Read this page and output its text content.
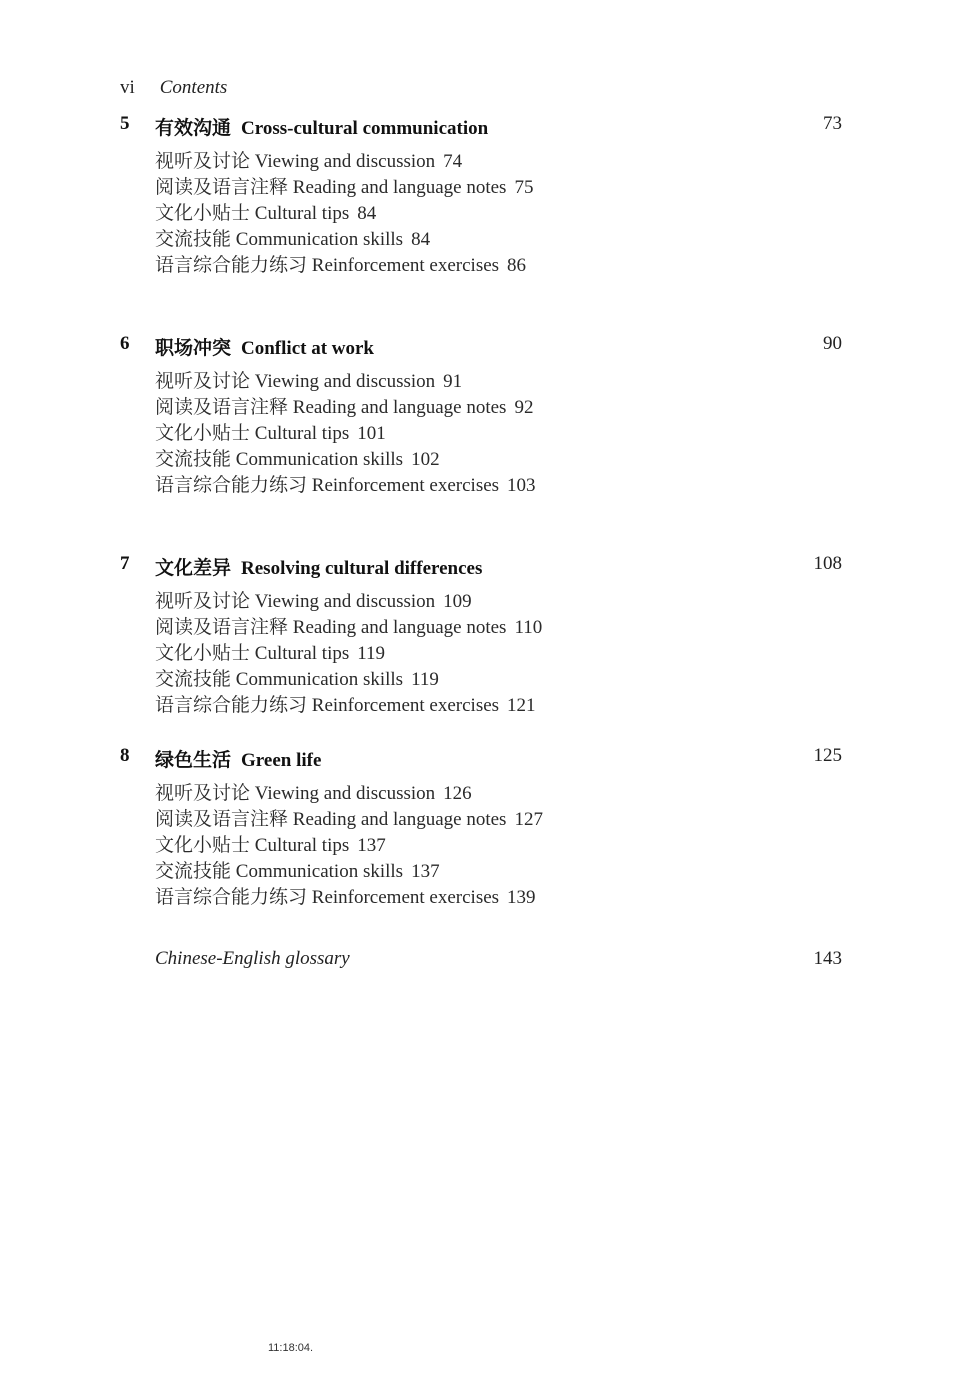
vi Contents
5 有效沟通 Cross-cultural communication	73
视听及讨论 Viewing and discussion 74
阅读及语言注释 Reading and language notes 75
文化小贴士 Cultural tips 84
交流技能 Communication skills 84
语言综合能力练习 Reinforcement exercises 86
6 职场冲突 Conflict at work	90
视听及讨论 Viewing and discussion 91
阅读及语言注释 Reading and language notes 92
文化小贴士 Cultural tips 101
交流技能 Communication skills 102
语言综合能力练习 Reinforcement exercises 103
7 文化差异 Resolving cultural differences	108
视听及讨论 Viewing and discussion 109
阅读及语言注释 Reading and language notes 110
文化小贴士 Cultural tips 119
交流技能 Communication skills 119
语言综合能力练习 Reinforcement exercises 121
8 绿色生活 Green life	125
视听及讨论 Viewing and discussion 126
阅读及语言注释 Reading and language notes 127
文化小贴士 Cultural tips 137
交流技能 Communication skills 137
语言综合能力练习 Reinforcement exercises 139
Chinese-English glossary	143
11:18:04.
